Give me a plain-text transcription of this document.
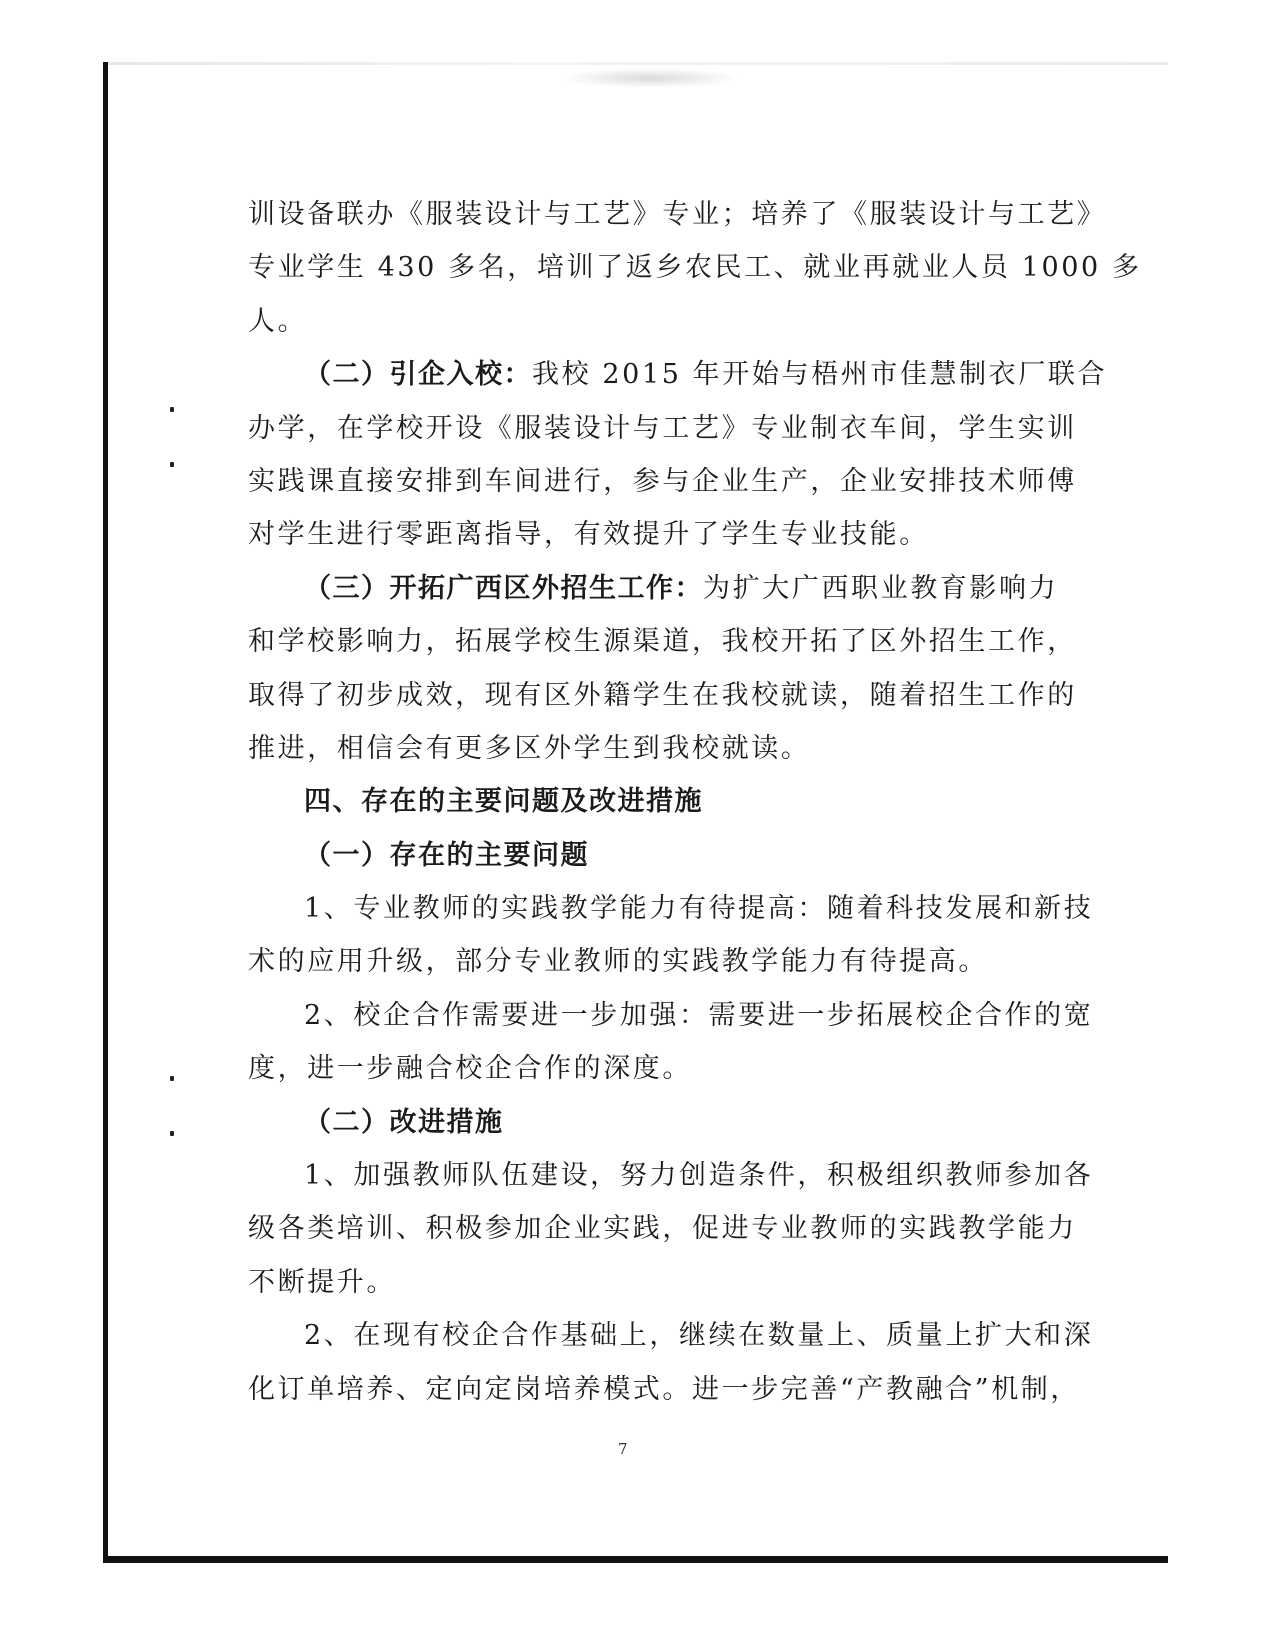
训设备联办《服装设计与工艺》专业；培养了《服装设计与工艺》
专业学生 430 多名，培训了返乡农民工、就业再就业人员 1000 多
人。
（二）引企入校：我校 2015 年开始与梧州市佳慧制衣厂联合
办学，在学校开设《服装设计与工艺》专业制衣车间，学生实训
实践课直接安排到车间进行，参与企业生产，企业安排技术师傅
对学生进行零距离指导，有效提升了学生专业技能。
（三）开拓广西区外招生工作：为扩大广西职业教育影响力
和学校影响力，拓展学校生源渠道，我校开拓了区外招生工作，
取得了初步成效，现有区外籍学生在我校就读，随着招生工作的
推进，相信会有更多区外学生到我校就读。
四、存在的主要问题及改进措施
（一）存在的主要问题
1、专业教师的实践教学能力有待提高：随着科技发展和新技
术的应用升级，部分专业教师的实践教学能力有待提高。
2、校企合作需要进一步加强：需要进一步拓展校企合作的宽
度，进一步融合校企合作的深度。
（二）改进措施
1、加强教师队伍建设，努力创造条件，积极组织教师参加各
级各类培训、积极参加企业实践，促进专业教师的实践教学能力
不断提升。
2、在现有校企合作基础上，继续在数量上、质量上扩大和深
化订单培养、定向定岗培养模式。进一步完善“产教融合”机制，
7
